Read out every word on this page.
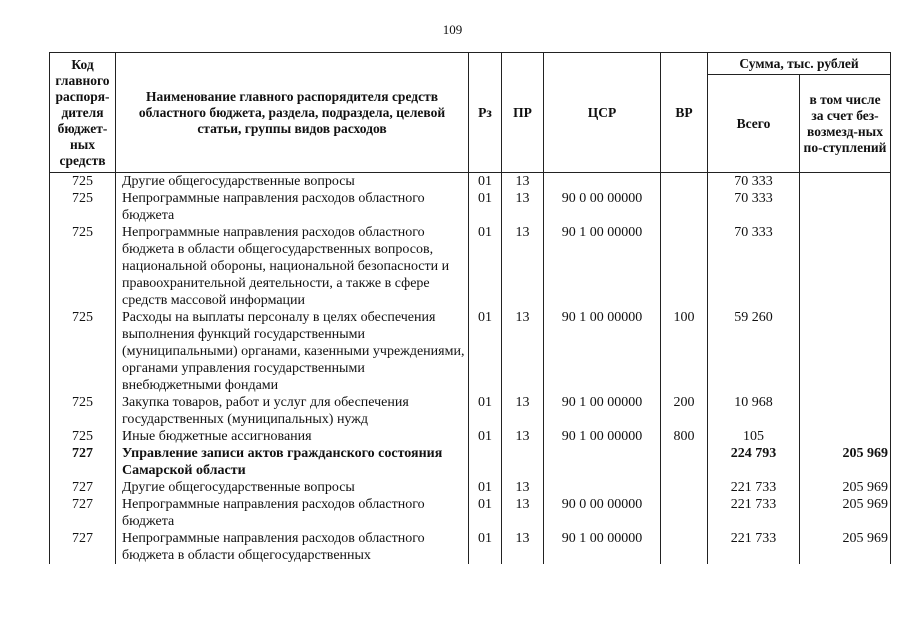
109
Код главного распоря-дителя бюджет-ных средств	Наименование главного распорядителя средств областного бюджета, раздела, подраздела, целевой статьи, группы видов расходов	Рз	ПР	ЦСР	ВР	Сумма, тыс. рублей	
						Всего	в том числе за счет без-возмезд-ных по-ступлений
725	Другие общегосударственные вопросы	01	13			70 333	
725	Непрограммные направления расходов областного бюджета	01	13	90 0 00 00000		70 333	
725	Непрограммные направления расходов областного бюджета в области общегосударственных вопросов, национальной обороны, национальной безопасности и правоохранительной деятельности, а также в сфере средств массовой информации	01	13	90 1 00 00000		70 333	
725	Расходы на выплаты персоналу в целях обеспечения выполнения функций государственными (муниципальными) органами, казенными учреждениями, органами управления государственными внебюджетными фондами	01	13	90 1 00 00000	100	59 260	
725	Закупка товаров, работ и услуг для обеспечения государственных (муниципальных) нужд	01	13	90 1 00 00000	200	10 968	
725	Иные бюджетные ассигнования	01	13	90 1 00 00000	800	105	
727	Управление записи актов гражданского состояния Самарской области					224 793	205 969
727	Другие общегосударственные вопросы	01	13			221 733	205 969
727	Непрограммные направления расходов областного бюджета	01	13	90 0 00 00000		221 733	205 969
727	Непрограммные направления расходов областного бюджета в области общегосударственных	01	13	90 1 00 00000		221 733	205 969
